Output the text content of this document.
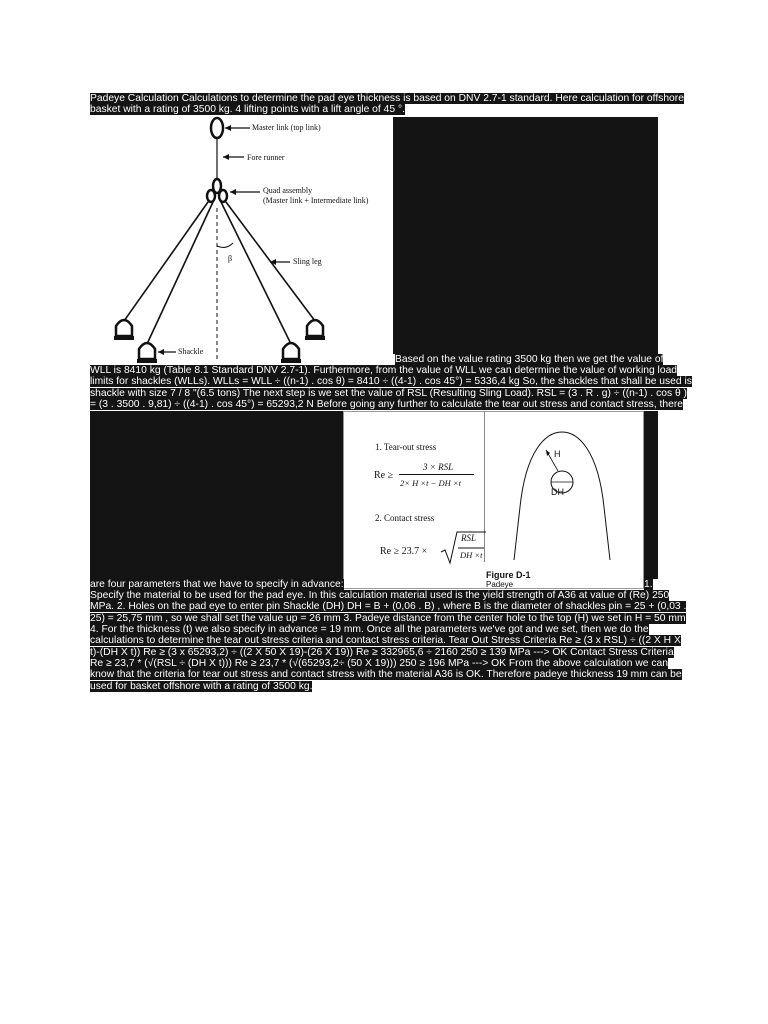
Padeye Calculation Calculations to determine the pad eye thickness is based on DNV 2.7-1 standard. Here calculation for offshore
basket with a rating of 3500 kg. 4 lifting points with a lift angle of 45 °.
Master link (top link)
Fore runner
Quad assembly
(Master link + Intermediate link)
β	Sling leg
Shackle
Based on the value rating 3500 kg then we get the value of
WLL is 8410 kg (Table 8.1 Standard DNV 2.7-1). Furthermore, from the value of WLL we can determine the value of working load
limits for shackles (WLLs). WLLs = WLL ÷ ((n-1) . cos θ) = 8410 ÷ ((4-1) . cos 45°) = 5336,4 kg So, the shackles that shall be used is
shackle with size 7 / 8 "(6.5 tons) The next step is we set the value of RSL (Resulting Sling Load). RSL = (3 . R . g) ÷ ((n-1) . cos θ )
= (3 . 3500 . 9,81) ÷ ((4-1) . cos 45°) = 65293,2 N Before going any further to calculate the tear out stress and contact stress, there
1. Tear-out stress
Re ≥
3 × RSL
2× H ×t − DH ×t
2. Contact stress
Re ≥ 23.7 ×
RSL
DH ×t
H
DH
Figure D-1
Padeye
are four parameters that we have to specify in advance:	1.
Specify the material to be used for the pad eye. In this calculation material used is the yield strength of A36 at value of (Re) 250
MPa. 2. Holes on the pad eye to enter pin Shackle (DH) DH = B + (0,06 . B) , where B is the diameter of shackles pin = 25 + (0,03 .
25) = 25,75 mm , so we shall set the value up = 26 mm 3. Padeye distance from the center hole to the top (H) we set in H = 50 mm
4. For the thickness (t) we also specify in advance = 19 mm. Once all the parameters we've got and we set, then we do the
calculations to determine the tear out stress criteria and contact stress criteria. Tear Out Stress Criteria Re ≥ (3 x RSL) ÷ ((2 X H X
t)-(DH X t)) Re ≥ (3 x 65293,2) ÷ ((2 X 50 X 19)-(26 X 19)) Re ≥ 332965,6 ÷ 2160 250 ≥ 139 MPa ---> OK Contact Stress Criteria
Re ≥ 23,7 * (√(RSL ÷ (DH X t))) Re ≥ 23,7 * (√(65293,2÷ (50 X 19))) 250 ≥ 196 MPa ---> OK From the above calculation we can
know that the criteria for tear out stress and contact stress with the material A36 is OK. Therefore padeye thickness 19 mm can be
used for basket offshore with a rating of 3500 kg.
